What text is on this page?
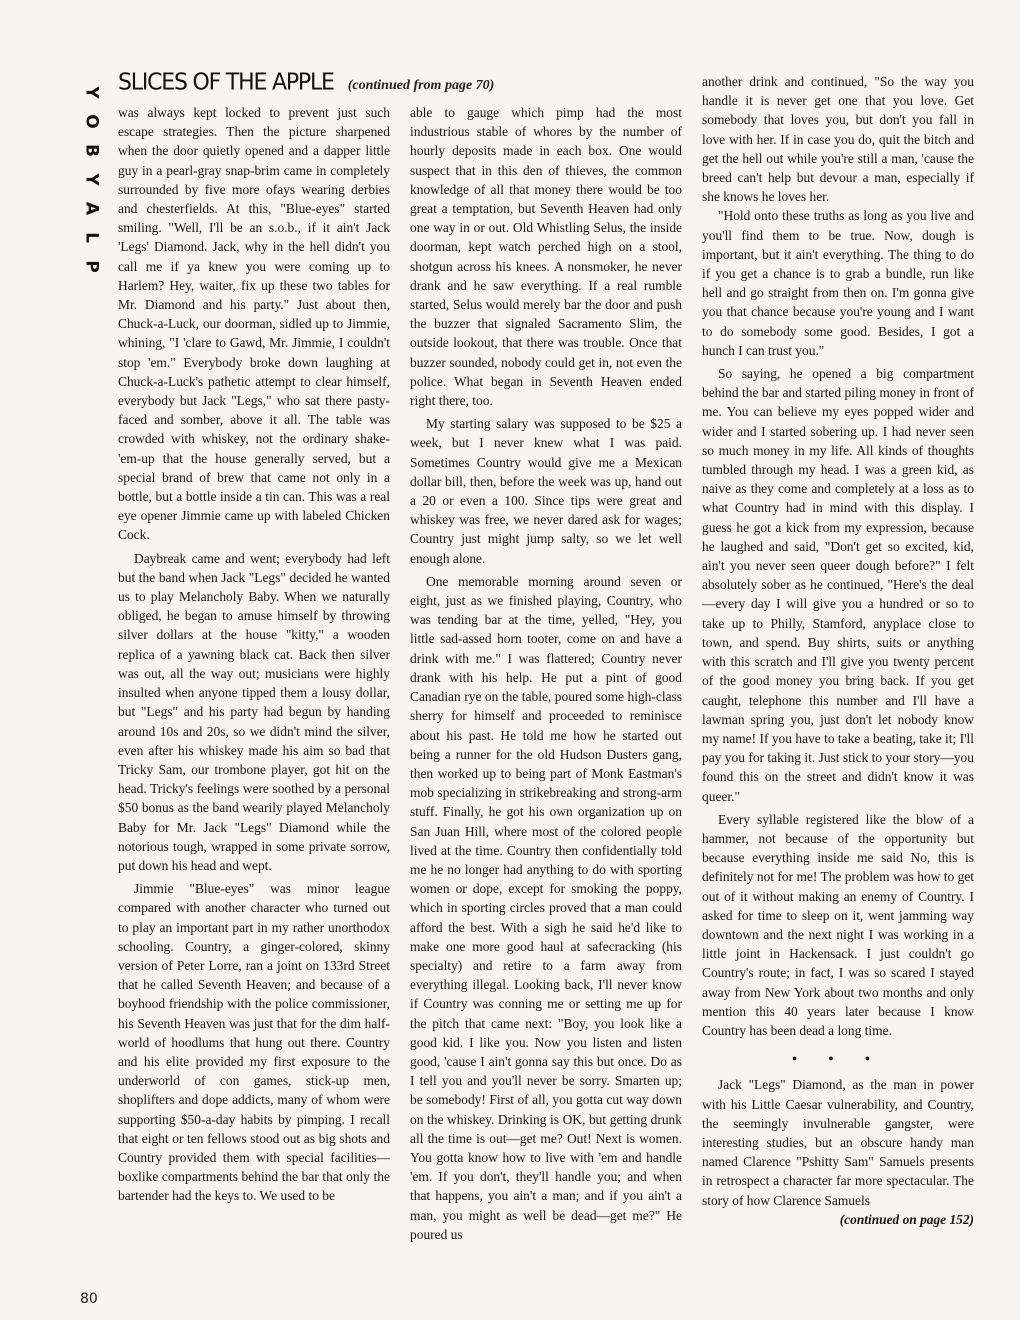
Y
O
B
Y
A
L
P
SLICES OF THE APPLE (continued from page 70)

was always kept locked to prevent just such escape strategies. Then the picture sharpened when the door quietly opened and a dapper little guy in a pearl-gray snap-brim came in completely surrounded by five more ofays wearing derbies and chesterfields. At this, "Blue-eyes" started smiling. "Well, I'll be an s.o.b., if it ain't Jack 'Legs' Diamond. Jack, why in the hell didn't you call me if ya knew you were coming up to Harlem? Hey, waiter, fix up these two tables for Mr. Diamond and his party." Just about then, Chuck-a-Luck, our doorman, sidled up to Jimmie, whining, "I 'clare to Gawd, Mr. Jimmie, I couldn't stop 'em." Everybody broke down laughing at Chuck-a-Luck's pathetic attempt to clear himself, everybody but Jack "Legs," who sat there pasty-faced and somber, above it all. The table was crowded with whiskey, not the ordinary shake-'em-up that the house generally served, but a special brand of brew that came not only in a bottle, but a bottle inside a tin can. This was a real eye opener Jimmie came up with labeled Chicken Cock.

Daybreak came and went; everybody had left but the band when Jack "Legs" decided he wanted us to play Melancholy Baby. When we naturally obliged, he began to amuse himself by throwing silver dollars at the house "kitty," a wooden replica of a yawning black cat. Back then silver was out, all the way out; musicians were highly insulted when anyone tipped them a lousy dollar, but "Legs" and his party had begun by handing around 10s and 20s, so we didn't mind the silver, even after his whiskey made his aim so bad that Tricky Sam, our trombone player, got hit on the head. Tricky's feelings were soothed by a personal $50 bonus as the band wearily played Melancholy Baby for Mr. Jack "Legs" Diamond while the notorious tough, wrapped in some private sorrow, put down his head and wept.

Jimmie "Blue-eyes" was minor league compared with another character who turned out to play an important part in my rather unorthodox schooling. Country, a ginger-colored, skinny version of Peter Lorre, ran a joint on 133rd Street that he called Seventh Heaven; and because of a boyhood friendship with the police commissioner, his Seventh Heaven was just that for the dim half-world of hoodlums that hung out there. Country and his elite provided my first exposure to the underworld of con games, stick-up men, shoplifters and dope addicts, many of whom were supporting $50-a-day habits by pimping. I recall that eight or ten fellows stood out as big shots and Country provided them with special facilities—boxlike compartments behind the bar that only the bartender had the keys to. We used to be

able to gauge which pimp had the most industrious stable of whores by the number of hourly deposits made in each box. One would suspect that in this den of thieves, the common knowledge of all that money there would be too great a temptation, but Seventh Heaven had only one way in or out. Old Whistling Selus, the inside doorman, kept watch perched high on a stool, shotgun across his knees. A nonsmoker, he never drank and he saw everything. If a real rumble started, Selus would merely bar the door and push the buzzer that signaled Sacramento Slim, the outside lookout, that there was trouble. Once that buzzer sounded, nobody could get in, not even the police. What began in Seventh Heaven ended right there, too.

My starting salary was supposed to be $25 a week, but I never knew what I was paid. Sometimes Country would give me a Mexican dollar bill, then, before the week was up, hand out a 20 or even a 100. Since tips were great and whiskey was free, we never dared ask for wages; Country just might jump salty, so we let well enough alone.

One memorable morning around seven or eight, just as we finished playing, Country, who was tending bar at the time, yelled, "Hey, you little sad-assed horn tooter, come on and have a drink with me." I was flattered; Country never drank with his help. He put a pint of good Canadian rye on the table, poured some high-class sherry for himself and proceeded to reminisce about his past. He told me how he started out being a runner for the old Hudson Dusters gang, then worked up to being part of Monk Eastman's mob specializing in strikebreaking and strong-arm stuff. Finally, he got his own organization up on San Juan Hill, where most of the colored people lived at the time. Country then confidentially told me he no longer had anything to do with sporting women or dope, except for smoking the poppy, which in sporting circles proved that a man could afford the best. With a sigh he said he'd like to make one more good haul at safecracking (his specialty) and retire to a farm away from everything illegal. Looking back, I'll never know if Country was conning me or setting me up for the pitch that came next: "Boy, you look like a good kid. I like you. Now you listen and listen good, 'cause I ain't gonna say this but once. Do as I tell you and you'll never be sorry. Smarten up; be somebody! First of all, you gotta cut way down on the whiskey. Drinking is OK, but getting drunk all the time is out—get me? Out! Next is women. You gotta know how to live with 'em and handle 'em. If you don't, they'll handle you; and when that happens, you ain't a man; and if you ain't a man, you might as well be dead—get me?" He poured us

another drink and continued, "So the way you handle it is never get one that you love. Get somebody that loves you, but don't you fall in love with her. If in case you do, quit the bitch and get the hell out while you're still a man, 'cause the breed can't help but devour a man, especially if she knows he loves her.

"Hold onto these truths as long as you live and you'll find them to be true. Now, dough is important, but it ain't everything. The thing to do if you get a chance is to grab a bundle, run like hell and go straight from then on. I'm gonna give you that chance because you're young and I want to do somebody some good. Besides, I got a hunch I can trust you."

So saying, he opened a big compartment behind the bar and started piling money in front of me. You can believe my eyes popped wider and wider and I started sobering up. I had never seen so much money in my life. All kinds of thoughts tumbled through my head. I was a green kid, as naive as they come and completely at a loss as to what Country had in mind with this display. I guess he got a kick from my expression, because he laughed and said, "Don't get so excited, kid, ain't you never seen queer dough before?" I felt absolutely sober as he continued, "Here's the deal—every day I will give you a hundred or so to take up to Philly, Stamford, anyplace close to town, and spend. Buy shirts, suits or anything with this scratch and I'll give you twenty percent of the good money you bring back. If you get caught, telephone this number and I'll have a lawman spring you, just don't let nobody know my name! If you have to take a beating, take it; I'll pay you for taking it. Just stick to your story—you found this on the street and didn't know it was queer."

Every syllable registered like the blow of a hammer, not because of the opportunity but because everything inside me said No, this is definitely not for me! The problem was how to get out of it without making an enemy of Country. I asked for time to sleep on it, went jamming way downtown and the next night I was working in a little joint in Hackensack. I just couldn't go Country's route; in fact, I was so scared I stayed away from New York about two months and only mention this 40 years later because I know Country has been dead a long time.

• • •

Jack "Legs" Diamond, as the man in power with his Little Caesar vulnerability, and Country, the seemingly invulnerable gangster, were interesting studies, but an obscure handy man named Clarence "Pshitty Sam" Samuels presents in retrospect a character far more spectacular. The story of how Clarence Samuels

(continued on page 152)
80
